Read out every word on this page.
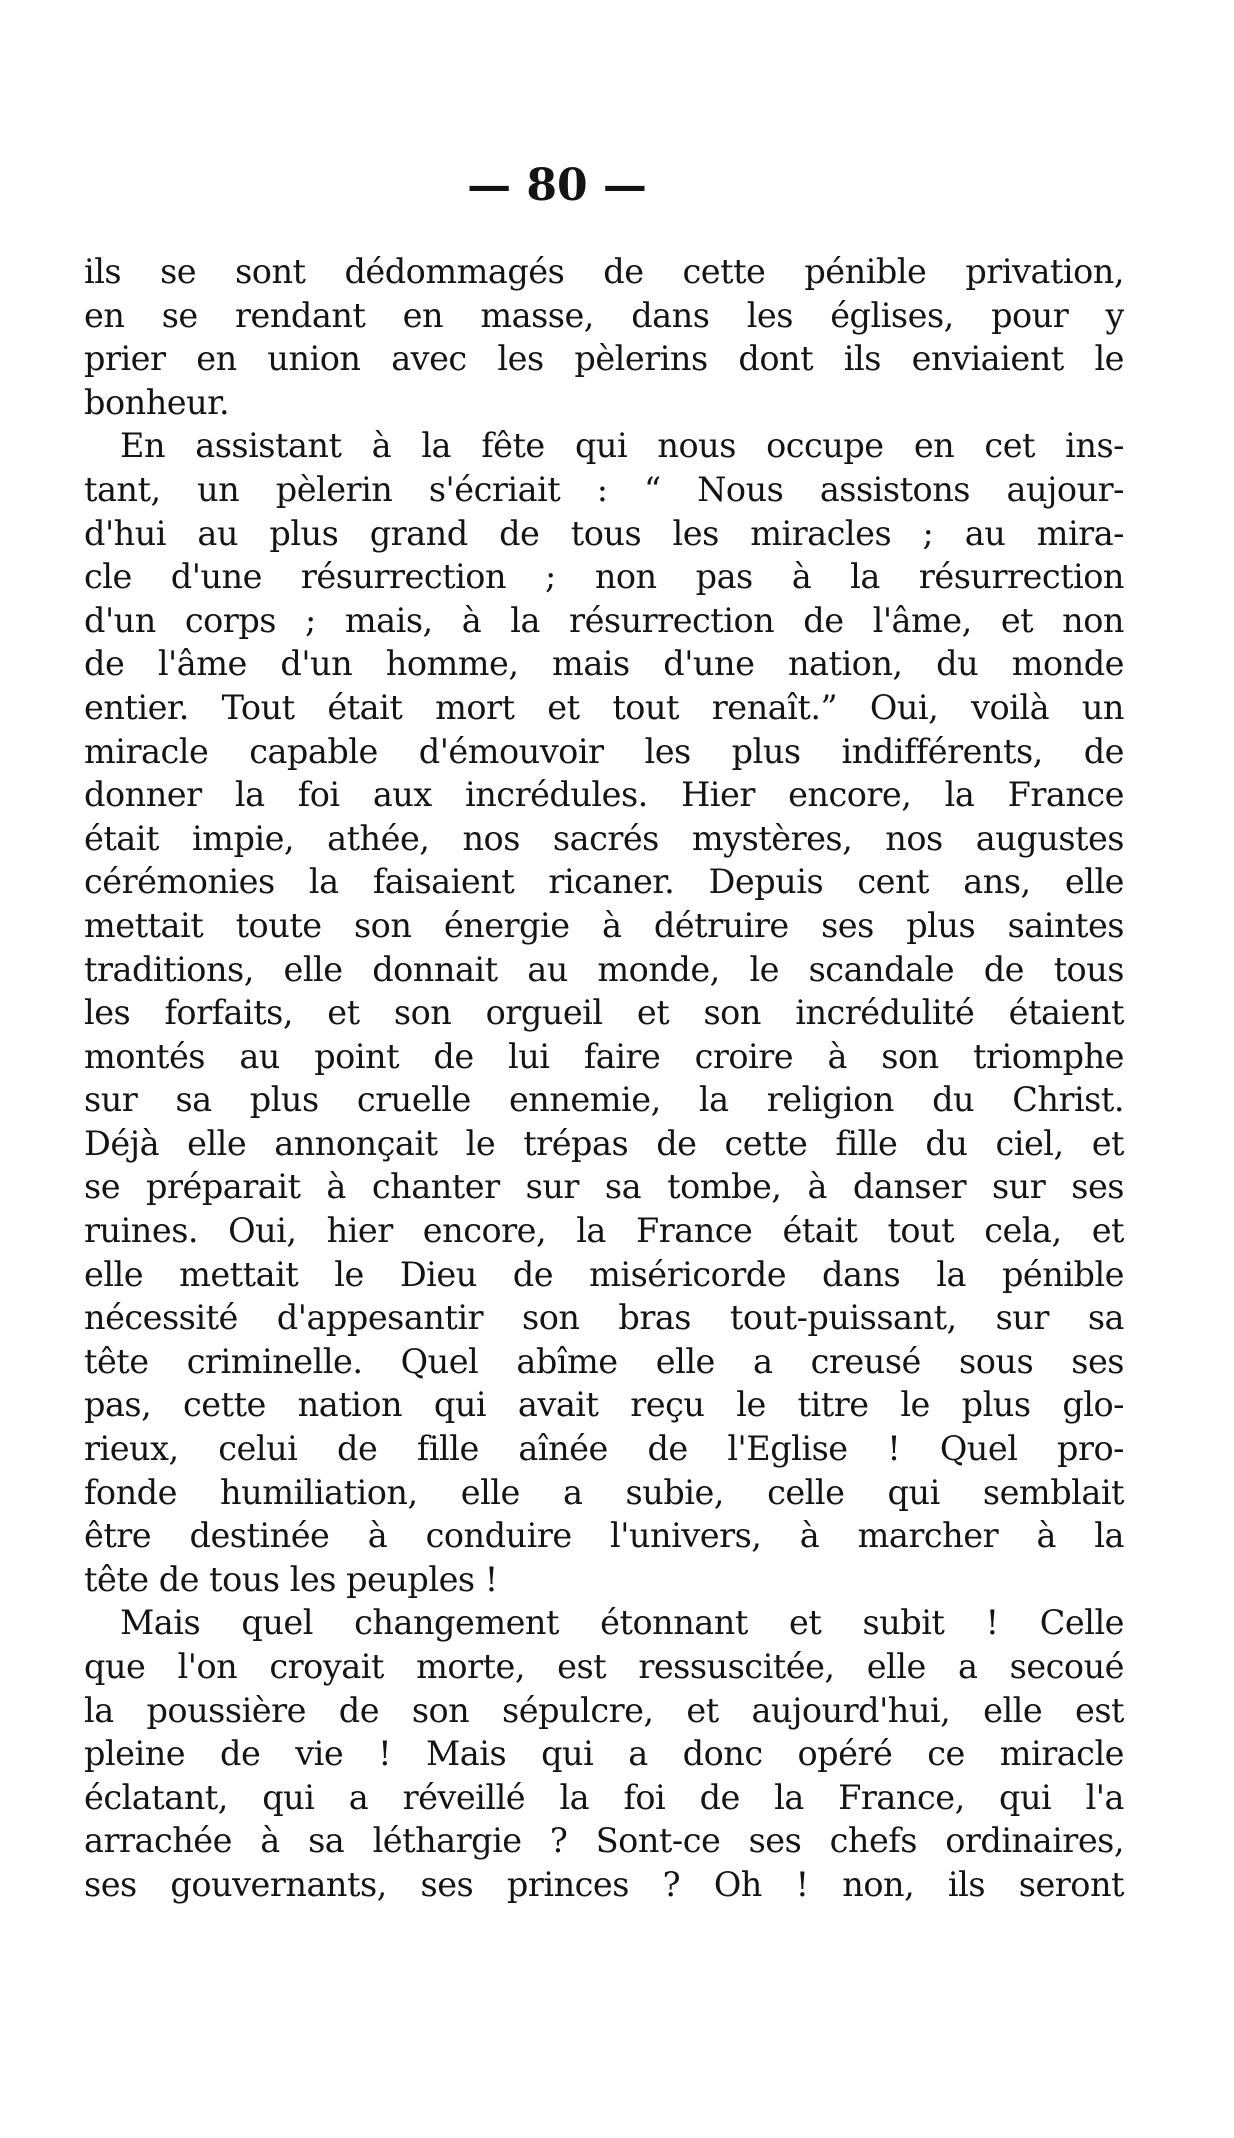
— 80 —
ils se sont dédommagés de cette pénible privation,
en se rendant en masse, dans les églises, pour y
prier en union avec les pèlerins dont ils enviaient le
bonheur.
En assistant à la fête qui nous occupe en cet ins-
tant, un pèlerin s'écriait : “ Nous assistons aujour-
d'hui au plus grand de tous les miracles ; au mira-
cle d'une résurrection ; non pas à la résurrection
d'un corps ; mais, à la résurrection de l'âme, et non
de l'âme d'un homme, mais d'une nation, du monde
entier. Tout était mort et tout renaît.” Oui, voilà un
miracle capable d'émouvoir les plus indifférents, de
donner la foi aux incrédules. Hier encore, la France
était impie, athée, nos sacrés mystères, nos augustes
cérémonies la faisaient ricaner. Depuis cent ans, elle
mettait toute son énergie à détruire ses plus saintes
traditions, elle donnait au monde, le scandale de tous
les forfaits, et son orgueil et son incrédulité étaient
montés au point de lui faire croire à son triomphe
sur sa plus cruelle ennemie, la religion du Christ.
Déjà elle annonçait le trépas de cette fille du ciel, et
se préparait à chanter sur sa tombe, à danser sur ses
ruines. Oui, hier encore, la France était tout cela, et
elle mettait le Dieu de miséricorde dans la pénible
nécessité d'appesantir son bras tout-puissant, sur sa
tête criminelle. Quel abîme elle a creusé sous ses
pas, cette nation qui avait reçu le titre le plus glo-
rieux, celui de fille aînée de l'Eglise ! Quel pro-
fonde humiliation, elle a subie, celle qui semblait
être destinée à conduire l'univers, à marcher à la
tête de tous les peuples !
Mais quel changement étonnant et subit ! Celle
que l'on croyait morte, est ressuscitée, elle a secoué
la poussière de son sépulcre, et aujourd'hui, elle est
pleine de vie ! Mais qui a donc opéré ce miracle
éclatant, qui a réveillé la foi de la France, qui l'a
arrachée à sa léthargie ? Sont-ce ses chefs ordinaires,
ses gouvernants, ses princes ? Oh ! non, ils seront
